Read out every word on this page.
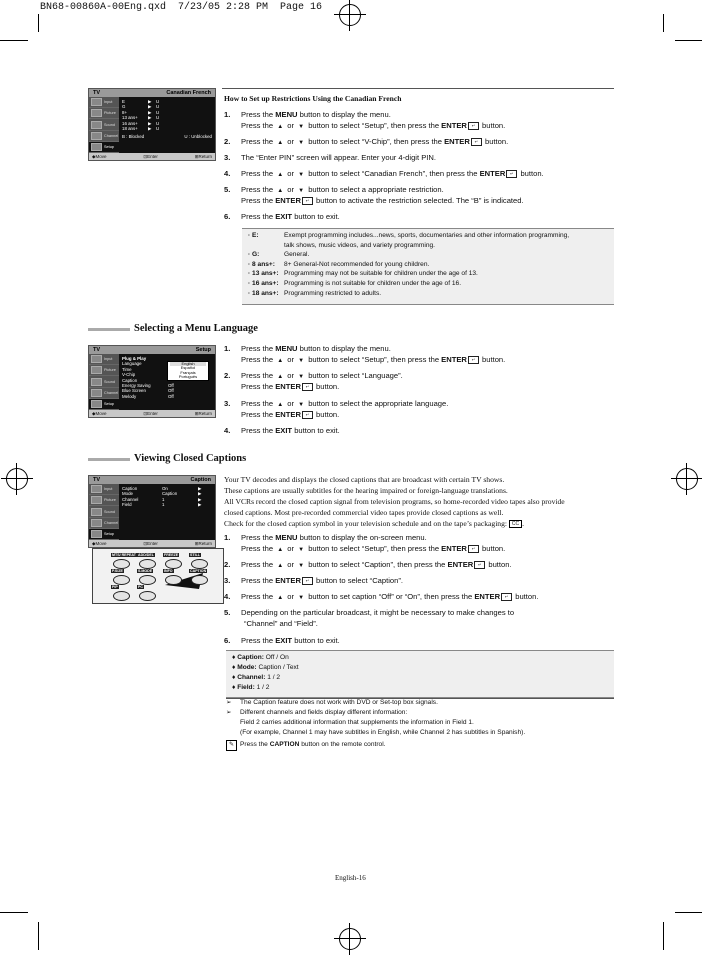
BN68-00860A-00Eng.qxd  7/23/05 2:28 PM  Page 16
TV	Canadian French
Input
Picture
Sound
Channel
Setup
E	▶	U
G	▶	U
8+	▶	U
13 ans+	▶	U
16 ans+	▶	U
18 ans+	▶	U
B : Blocked	U : Unblocked
◆Move	⊡Enter	⊞Return
How to Set up Restrictions Using the Canadian French
1. Press the MENU button to display the menu.
Press the ▲ or ▼ button to select “Setup”, then press the ENTER ↵ button.
2. Press the ▲ or ▼ button to select “V-Chip”, then press the ENTER ↵ button.
3. The “Enter PIN” screen will appear. Enter your 4-digit PIN.
4. Press the ▲ or ▼ button to select “Canadian French”, then press the ENTER ↵ button.
5. Press the ▲ or ▼ button to select a appropriate restriction.
Press the ENTER ↵ button to activate the restriction selected. The “B” is indicated.
6. Press the EXIT button to exit.
· E:	Exempt programming includes...news, sports, documentaries and other information programming,
talk shows, music videos, and variety programming.
· G:	General.
· 8 ans+: 8+ General-Not recommended for young children.
· 13 ans+: Programming may not be suitable for children under the age of 13.
· 16 ans+: Programming is not suitable for children under the age of 16.
· 18 ans+: Programming restricted to adults.
Selecting a Menu Language
TV	Setup
Input
Picture
Sound
Channel
Setup
Plug & Play
Language
Time
V-Chip
Caption
Energy Saving	Off
Blue Screen	Off
Melody	Off
English
Español
Français
Português
◆Move	⊡Enter	⊞Return
1. Press the MENU button to display the menu.
Press the ▲ or ▼ button to select “Setup”, then press the ENTER ↵ button.
2. Press the ▲ or ▼ button to select “Language”.
Press the ENTER ↵ button.
3. Press the ▲ or ▼ button to select the appropriate language.
Press the ENTER ↵ button.
4. Press the EXIT button to exit.
Viewing Closed Captions
TV	Caption
Input
Picture
Sound
Channel
Setup
Caption	On	▶
Mode	Caption	▶
Channel	1	▶
Field	1	▶
◆Move	⊡Enter	⊞Return
MTS/ REPEAT ADD/DEL	FREEZE	STILL
P.SIZE	S.MODE	INFO	CAPTION
PIP	PC
Your TV decodes and displays the closed captions that are broadcast with certain TV shows.
These captions are usually subtitles for the hearing impaired or foreign-language translations.
All VCRs record the closed caption signal from television programs, so home-recorded video tapes also provide
closed captions. Most pre-recorded commercial video tapes provide closed captions as well.
Check for the closed caption symbol in your television schedule and on the tape’s packaging: CC .
1. Press the MENU button to display the on-screen menu.
Press the ▲ or ▼ button to select “Setup”, then press the ENTER ↵ button.
2. Press the ▲ or ▼ button to select “Caption”, then press the ENTER ↵ button.
3. Press the ENTER ↵ button to select “Caption”.
4. Press the ▲ or ▼ button to set caption “Off” or “On”, then press the ENTER ↵ button.
5. Depending on the particular broadcast, it might be necessary to make changes to
“Channel” and “Field”.
6. Press the EXIT button to exit.
♦ Caption: Off / On
♦ Mode: Caption / Text
♦ Channel: 1 / 2
♦ Field: 1 / 2
➢ The Caption feature does not work with DVD or Set-top box signals.
➢ Different channels and fields display different information:
Field 2 carries additional information that supplements the information in Field 1.
(For example, Channel 1 may have subtitles in English, while Channel 2 has subtitles in Spanish).
✎ Press the CAPTION button on the remote control.
English-16
